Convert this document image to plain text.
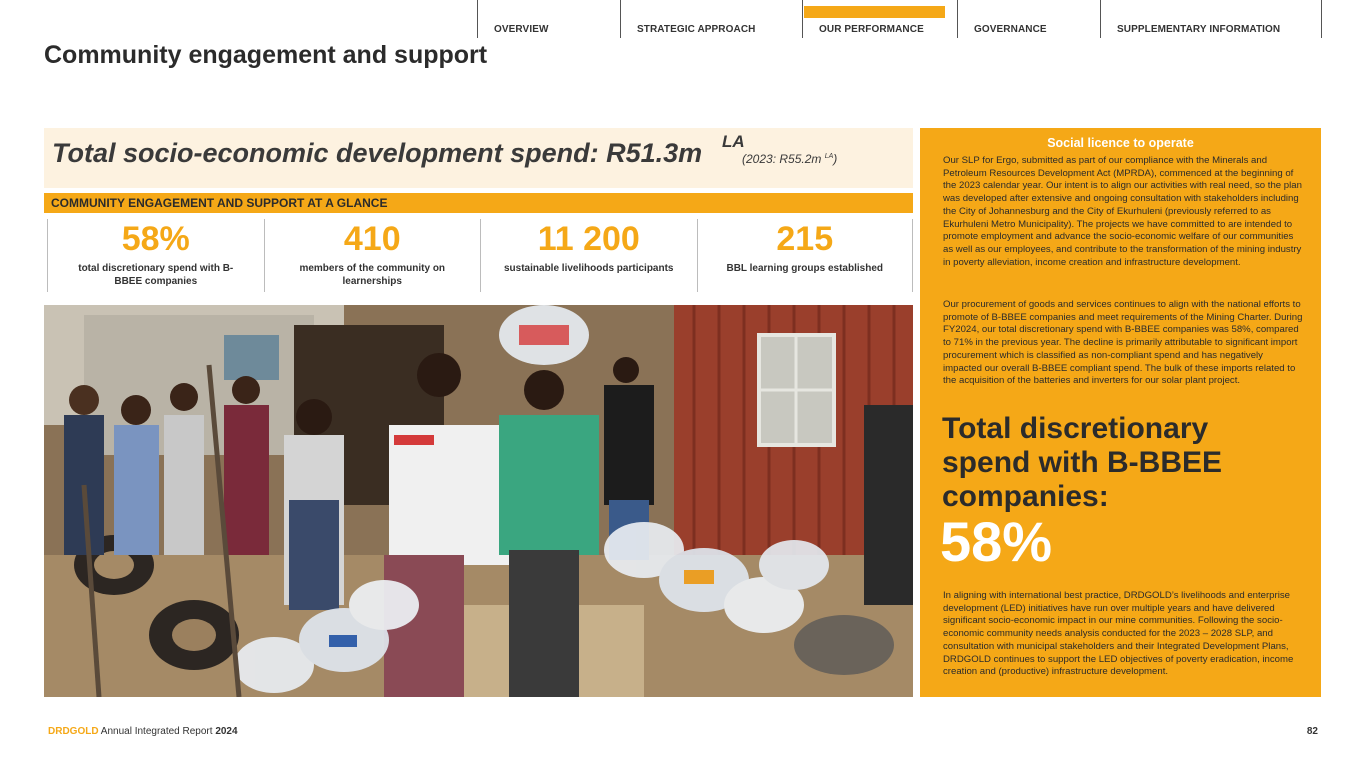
OVERVIEW	STRATEGIC APPROACH	OUR PERFORMANCE	GOVERNANCE	SUPPLEMENTARY INFORMATION
Community engagement and support
Total socio-economic development spend: R51.3m LA
(2023: R55.2m $^{LA}$)
COMMUNITY ENGAGEMENT AND SUPPORT AT A GLANCE
58%
total discretionary spend with B-BBEE companies
410
members of the community on learnerships
11 200
sustainable livelihoods participants
215
BBL learning groups established
Social licence to operate

Our SLP for Ergo, submitted as part of our compliance with the Minerals and Petroleum Resources Development Act (MPRDA), commenced at the beginning of the 2023 calendar year. Our intent is to align our activities with real need, so the plan was developed after extensive and ongoing consultation with stakeholders including the City of Johannesburg and the City of Ekurhuleni (previously referred to as Ekurhuleni Metro Municipality). The projects we have committed to are intended to promote employment and advance the socio-economic welfare of our communities as well as our employees, and contribute to the transformation of the mining industry in poverty alleviation, income creation and infrastructure development.

Our procurement of goods and services continues to align with the national efforts to promote of B-BBEE companies and meet requirements of the Mining Charter. During FY2024, our total discretionary spend with B-BBEE companies was 58%, compared to 71% in the previous year. The decline is primarily attributable to significant import procurement which is classified as non-compliant spend and has negatively impacted our overall B-BBEE compliant spend. The bulk of these imports related to the acquisition of the batteries and inverters for our solar plant project.

Total discretionary spend with B-BBEE companies:
58%

In aligning with international best practice, DRDGOLD’s livelihoods and enterprise development (LED) initiatives have run over multiple years and have delivered significant socio-economic impact in our mine communities. Following the socio-economic community needs analysis conducted for the 2023 – 2028 SLP, and consultation with municipal stakeholders and their Integrated Development Plans, DRDGOLD continues to support the LED objectives of poverty eradication, income creation and (productive) infrastructure development.

DRDGOLD Annual Integrated Report 2024	82
